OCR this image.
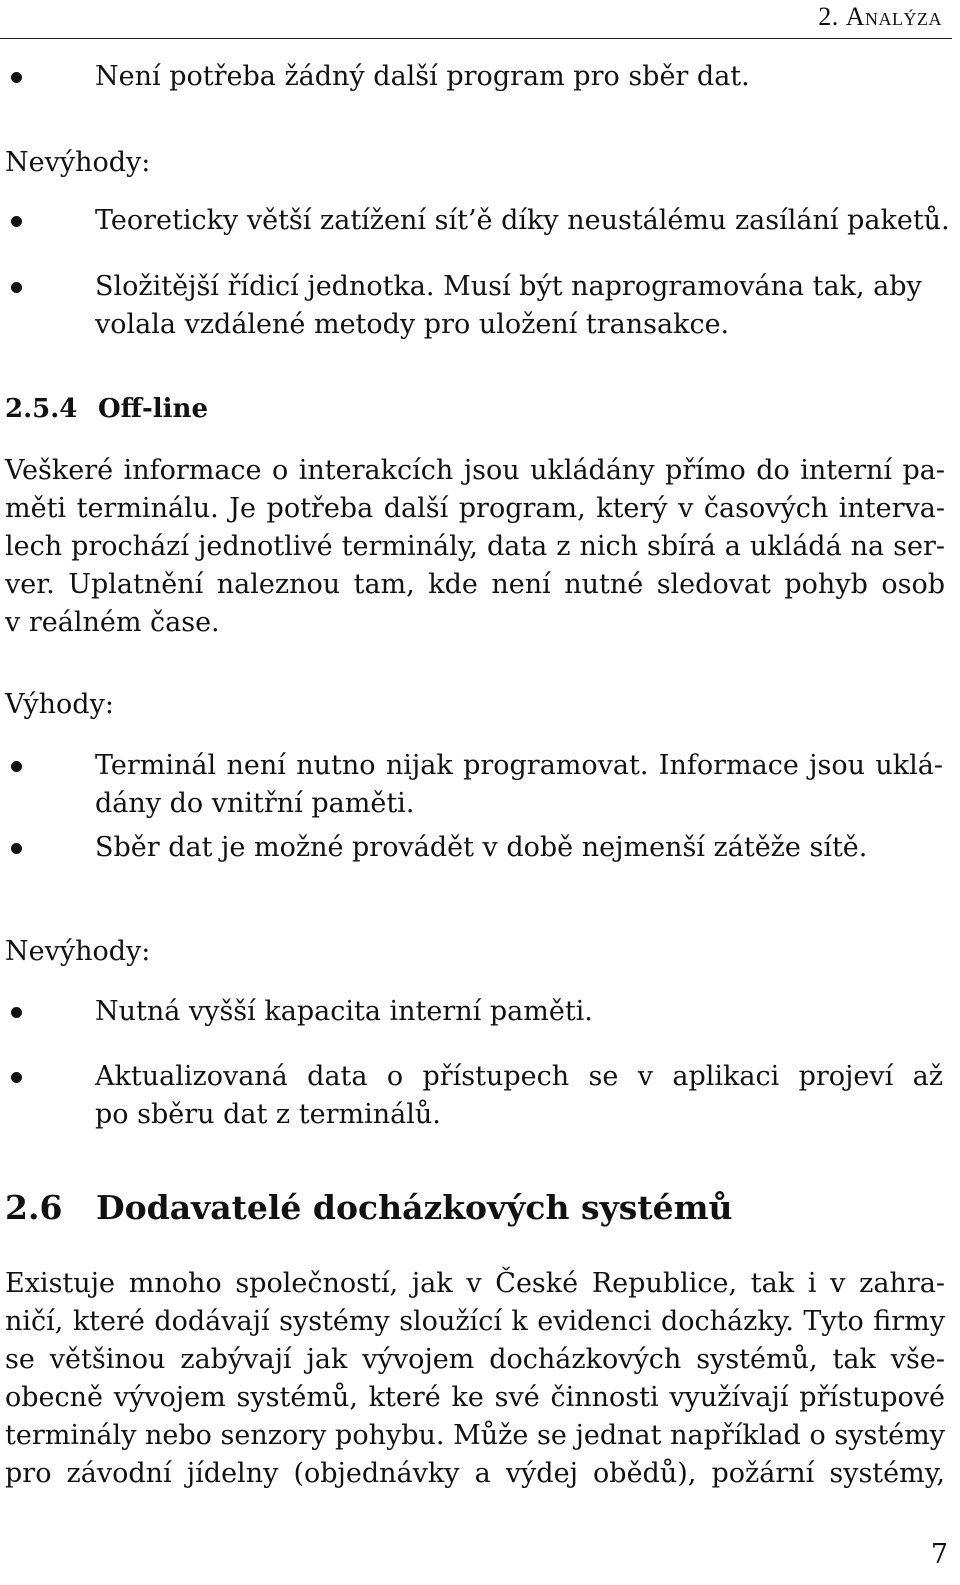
2. Analýza
Není potřeba žádný další program pro sběr dat.
Nevýhody:
Teoreticky větší zatížení sít’ě díky neustálému zasílání paketů.
Složitější řídicí jednotka. Musí být naprogramována tak, aby
volala vzdálené metody pro uložení transakce.
2.5.4 Off-line
Veškeré informace o interakcích jsou ukládány přímo do interní pa-
měti terminálu. Je potřeba další program, který v časových interva-
lech prochází jednotlivé terminály, data z nich sbírá a ukládá na ser-
ver. Uplatnění naleznou tam, kde není nutné sledovat pohyb osob
v reálném čase.
Výhody:
Terminál není nutno nijak programovat. Informace jsou uklá-
dány do vnitřní paměti.
Sběr dat je možné provádět v době nejmenší zátěže sítě.
Nevýhody:
Nutná vyšší kapacita interní paměti.
Aktualizovaná data o přístupech se v aplikaci projeví až
po sběru dat z terminálů.
2.6 Dodavatelé docházkových systémů
Existuje mnoho společností, jak v České Republice, tak i v zahra-
ničí, které dodávají systémy sloužící k evidenci docházky. Tyto firmy
se většinou zabývají jak vývojem docházkových systémů, tak vše-
obecně vývojem systémů, které ke své činnosti využívají přístupové
terminály nebo senzory pohybu. Může se jednat například o systémy
pro závodní jídelny (objednávky a výdej obědů), požární systémy,
7
